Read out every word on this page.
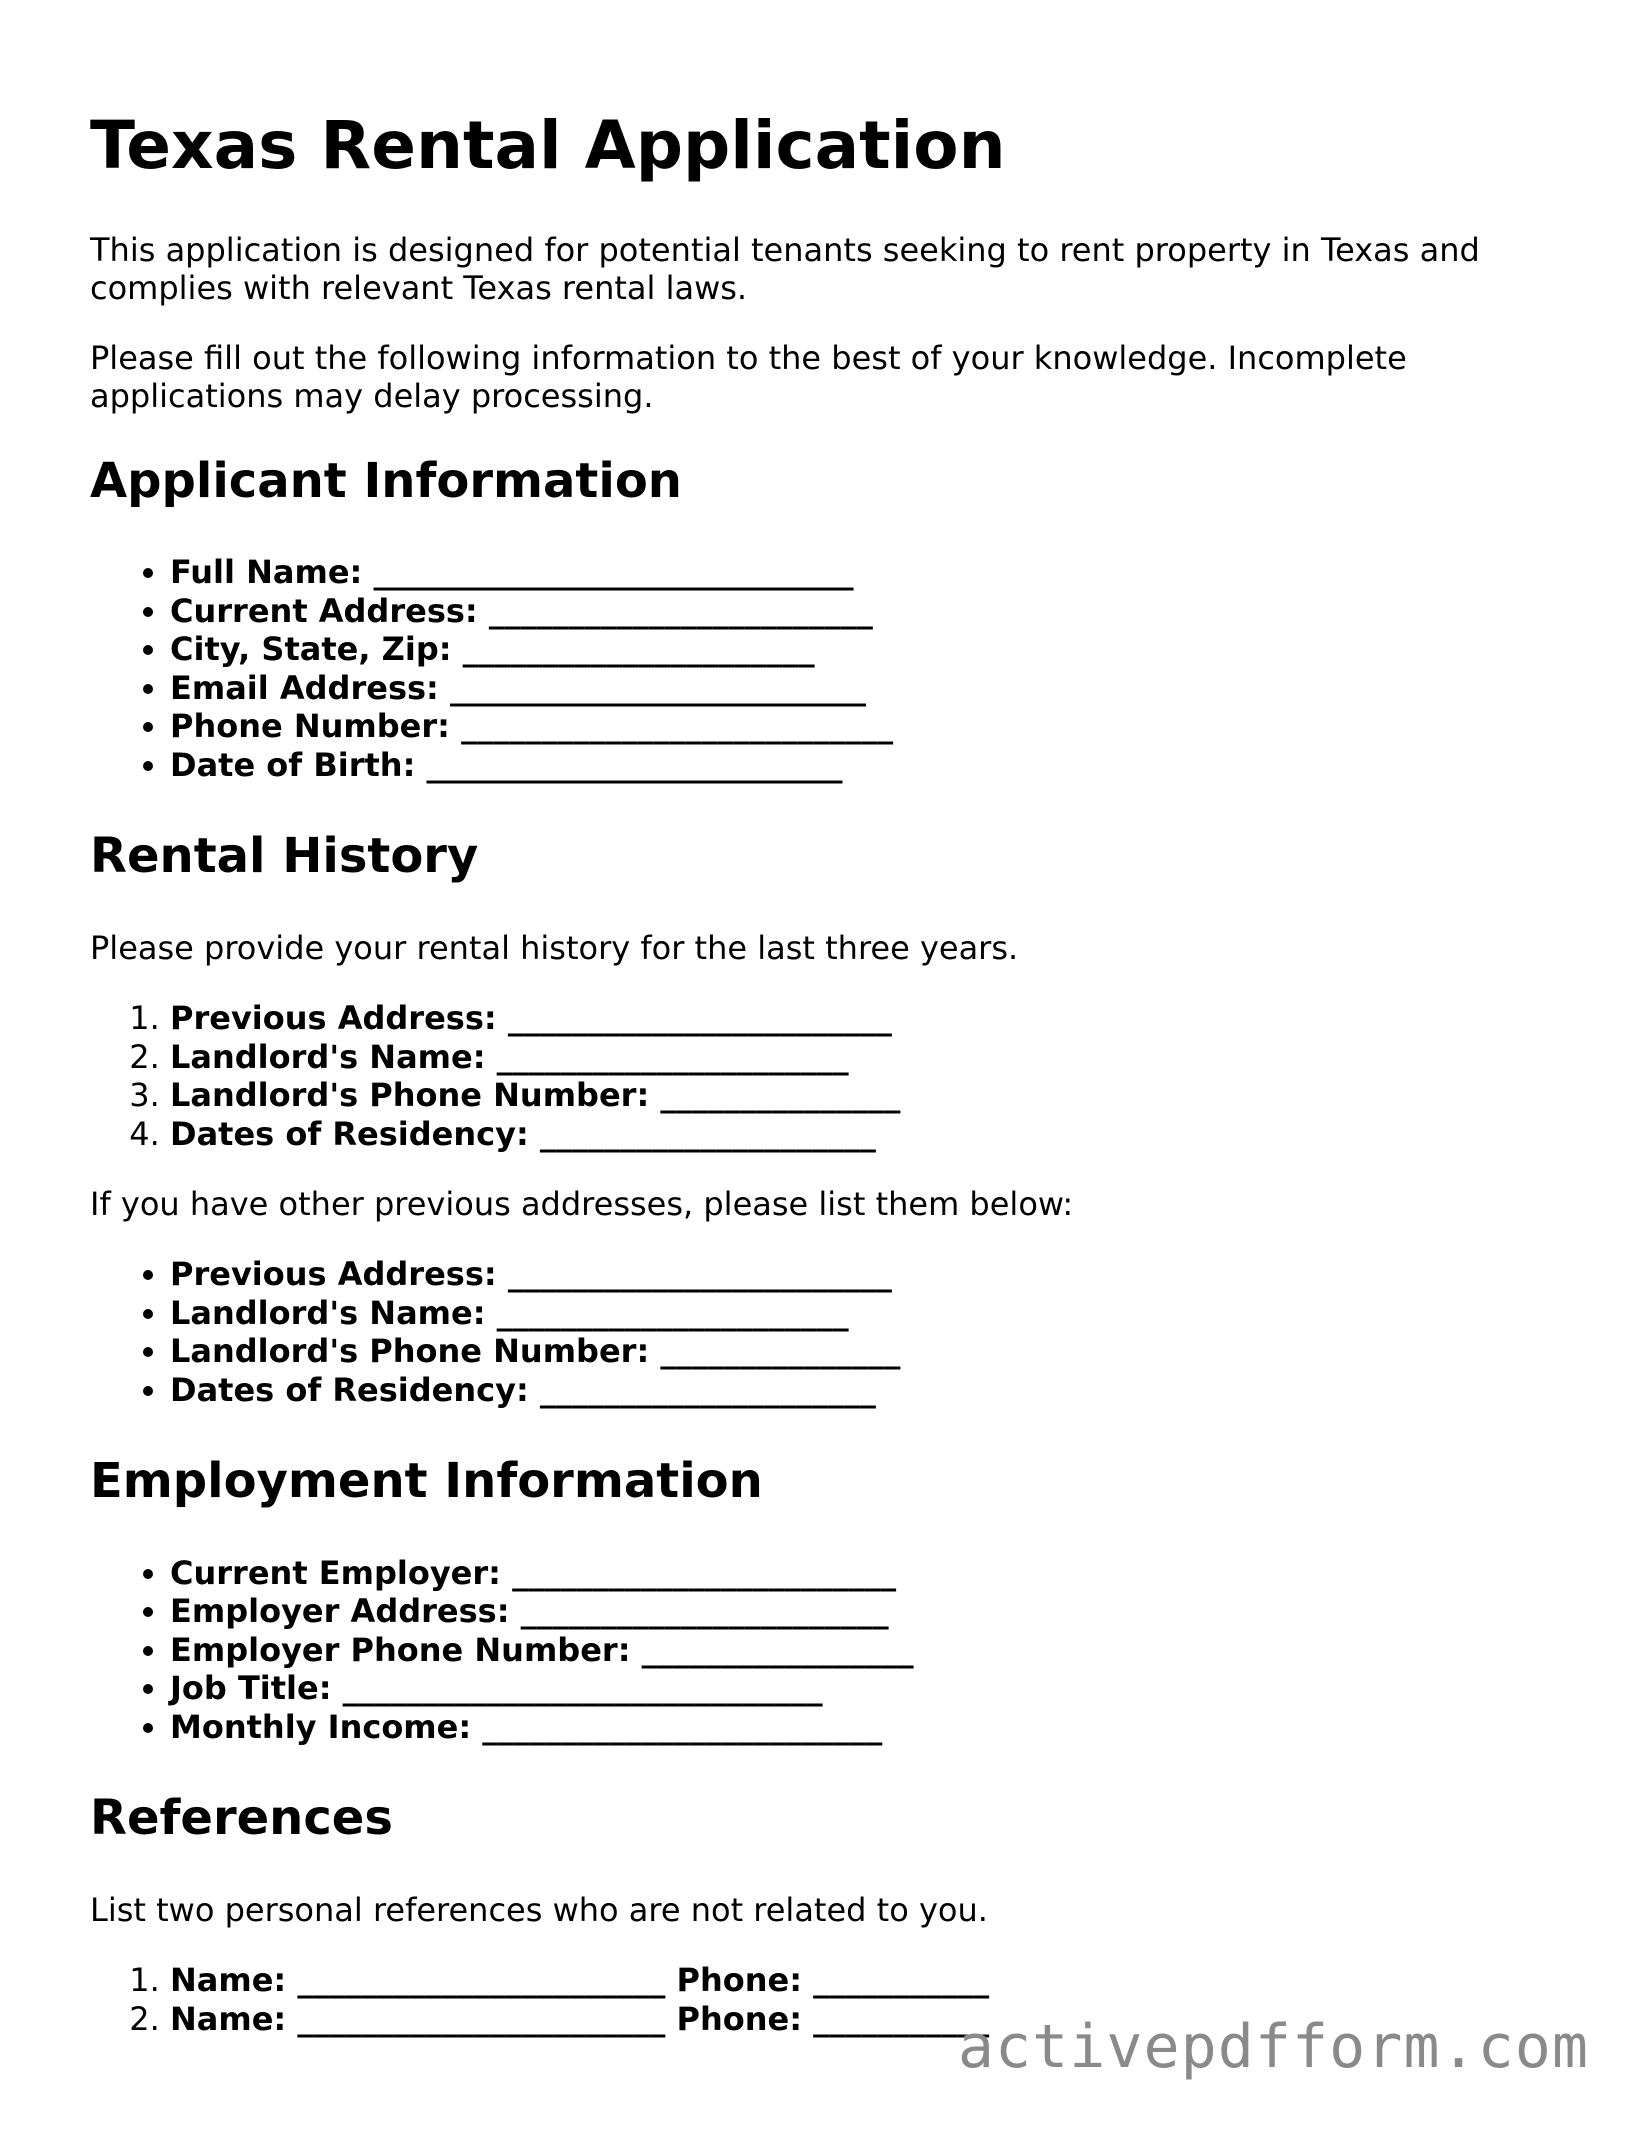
Texas Rental Application

This application is designed for potential tenants seeking to rent property in Texas and complies with relevant Texas rental laws.

Please fill out the following information to the best of your knowledge. Incomplete applications may delay processing.

Applicant Information
• Full Name: ______________________________
• Current Address: ________________________
• City, State, Zip: ______________________
• Email Address: __________________________
• Phone Number: ___________________________
• Date of Birth: __________________________
Rental History

Please provide your rental history for the last three years.

1. Previous Address: ________________________
2. Landlord's Name: ______________________
3. Landlord's Phone Number: _______________
4. Dates of Residency: _____________________

If you have other previous addresses, please list them below:

• Previous Address: ________________________
• Landlord's Name: ______________________
• Landlord's Phone Number: _______________
• Dates of Residency: _____________________
Employment Information
• Current Employer: ________________________
• Employer Address: _______________________
• Employer Phone Number: _________________
• Job Title: ______________________________
• Monthly Income: _________________________
References

List two personal references who are not related to you.

1. Name: _______________________ Phone: ___________
2. Name: _______________________ Phone: ___________
activepdfform.com
